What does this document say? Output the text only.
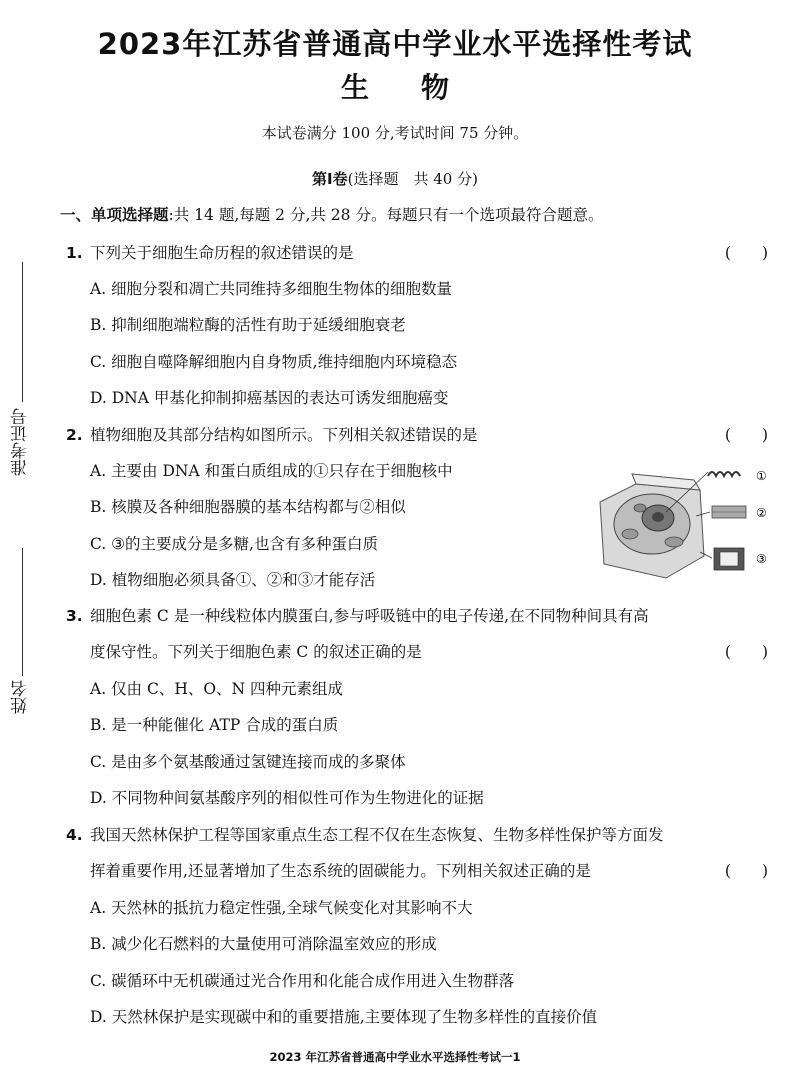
2023年江苏省普通高中学业水平选择性考试
生 物
本试卷满分 100 分,考试时间 75 分钟。
第Ⅰ卷(选择题　共 40 分)
一、单项选择题:共 14 题,每题 2 分,共 28 分。每题只有一个选项最符合题意。
准考证号
姓名
1. 下列关于细胞生命历程的叙述错误的是	(　　)
A. 细胞分裂和凋亡共同维持多细胞生物体的细胞数量
B. 抑制细胞端粒酶的活性有助于延缓细胞衰老
C. 细胞自噬降解细胞内自身物质,维持细胞内环境稳态
D. DNA 甲基化抑制抑癌基因的表达可诱发细胞癌变
2. 植物细胞及其部分结构如图所示。下列相关叙述错误的是	(　　)
A. 主要由 DNA 和蛋白质组成的①只存在于细胞核中
B. 核膜及各种细胞器膜的基本结构都与②相似
C. ③的主要成分是多糖,也含有多种蛋白质
D. 植物细胞必须具备①、②和③才能存活
①
②
③
3. 细胞色素 C 是一种线粒体内膜蛋白,参与呼吸链中的电子传递,在不同物种间具有高
度保守性。下列关于细胞色素 C 的叙述正确的是	(　　)
A. 仅由 C、H、O、N 四种元素组成
B. 是一种能催化 ATP 合成的蛋白质
C. 是由多个氨基酸通过氢键连接而成的多聚体
D. 不同物种间氨基酸序列的相似性可作为生物进化的证据
4. 我国天然林保护工程等国家重点生态工程不仅在生态恢复、生物多样性保护等方面发
挥着重要作用,还显著增加了生态系统的固碳能力。下列相关叙述正确的是	(　　)
A. 天然林的抵抗力稳定性强,全球气候变化对其影响不大
B. 减少化石燃料的大量使用可消除温室效应的形成
C. 碳循环中无机碳通过光合作用和化能合成作用进入生物群落
D. 天然林保护是实现碳中和的重要措施,主要体现了生物多样性的直接价值
2023 年江苏省普通高中学业水平选择性考试一1
